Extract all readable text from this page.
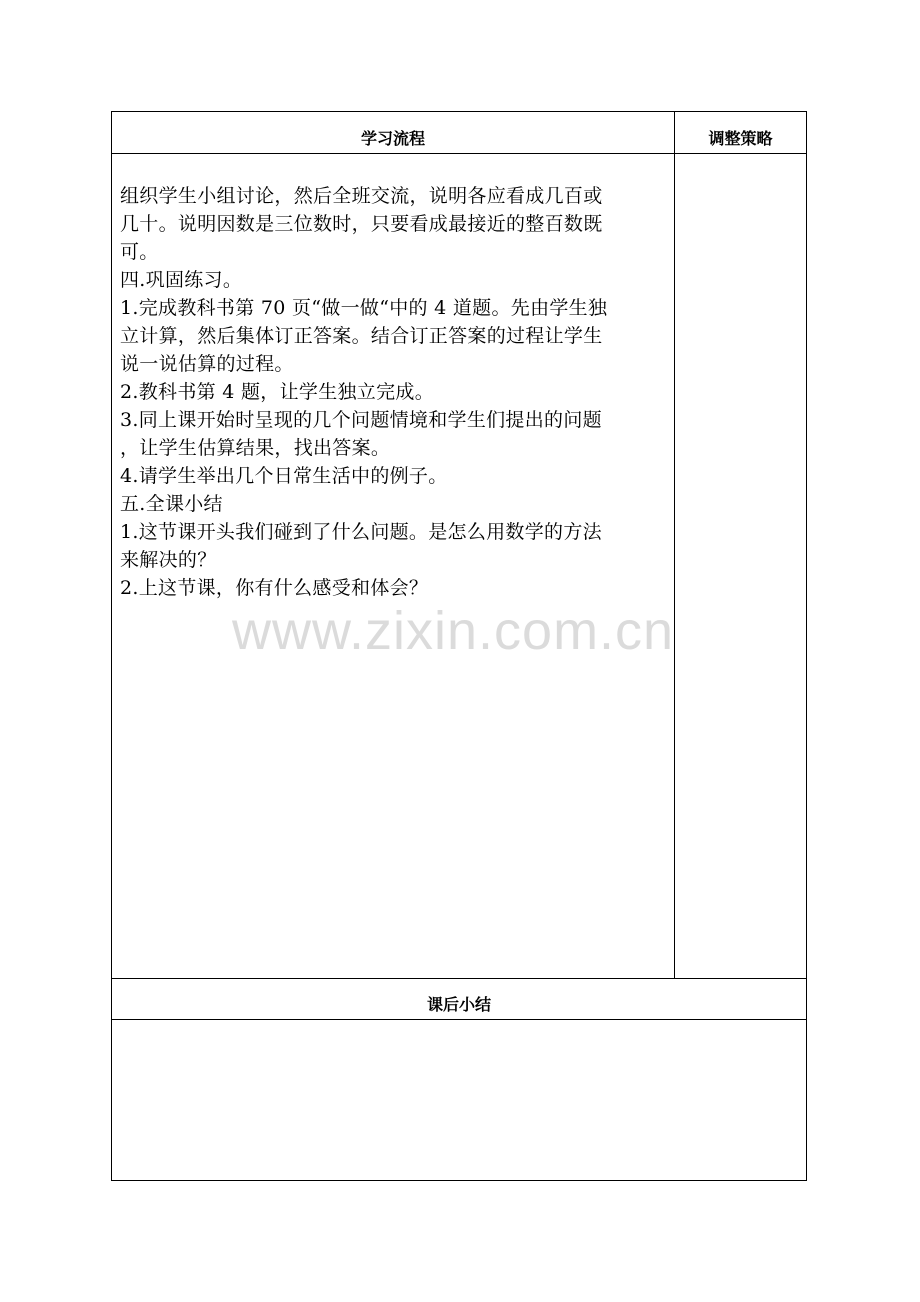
学习流程	调整策略
组织学生小组讨论，然后全班交流，说明各应看成几百或
几十。说明因数是三位数时，只要看成最接近的整百数既
可。
四.巩固练习。
1.完成教科书第 70 页“做一做“中的 4 道题。先由学生独
立计算，然后集体订正答案。结合订正答案的过程让学生
说一说估算的过程。
2.教科书第 4 题，让学生独立完成。
3.同上课开始时呈现的几个问题情境和学生们提出的问题
，让学生估算结果，找出答案。
4.请学生举出几个日常生活中的例子。
五.全课小结
1.这节课开头我们碰到了什么问题。是怎么用数学的方法
来解决的？
2.上这节课，你有什么感受和体会？
课后小结
www.zixin.com.cn
